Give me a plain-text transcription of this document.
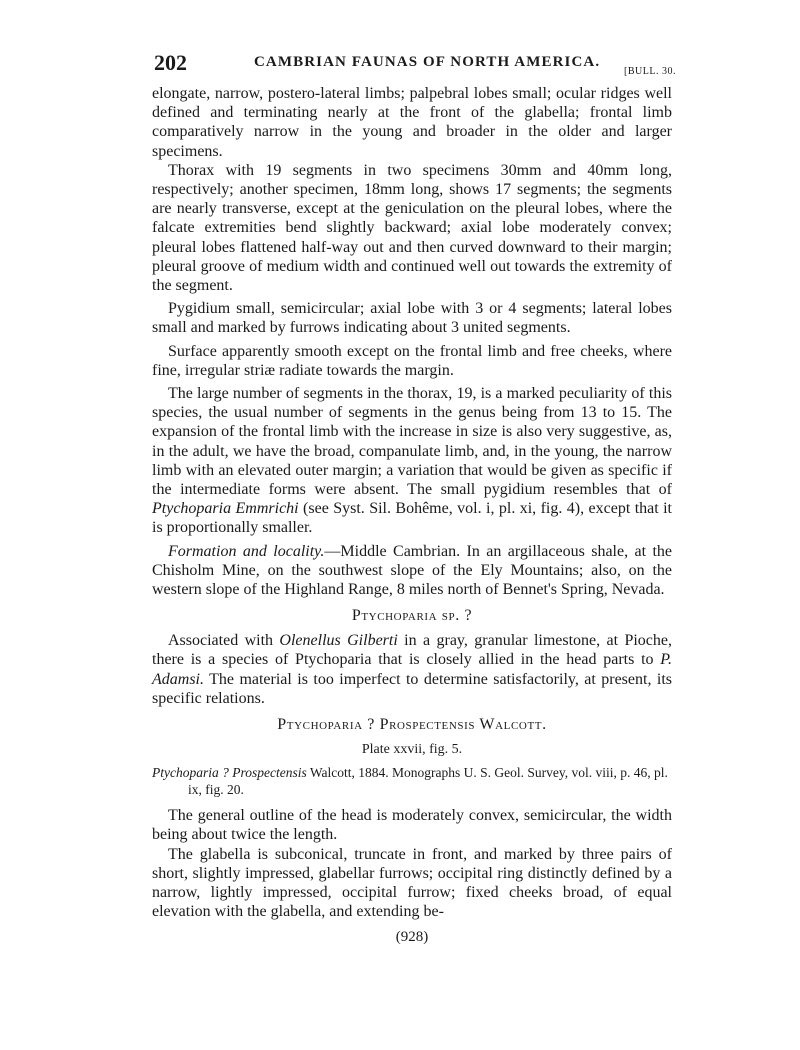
202	CAMBRIAN FAUNAS OF NORTH AMERICA.
[BULL. 30.

elongate, narrow, postero-lateral limbs; palpebral lobes small; ocular ridges well defined and terminating nearly at the front of the glabella; frontal limb comparatively narrow in the young and broader in the older and larger specimens.

Thorax with 19 segments in two specimens 30mm and 40mm long, respectively; another specimen, 18mm long, shows 17 segments; the segments are nearly transverse, except at the geniculation on the pleural lobes, where the falcate extremities bend slightly backward; axial lobe moderately convex; pleural lobes flattened half-way out and then curved downward to their margin; pleural groove of medium width and continued well out towards the extremity of the segment.

Pygidium small, semicircular; axial lobe with 3 or 4 segments; lateral lobes small and marked by furrows indicating about 3 united segments.

Surface apparently smooth except on the frontal limb and free cheeks, where fine, irregular striæ radiate towards the margin.

The large number of segments in the thorax, 19, is a marked peculiarity of this species, the usual number of segments in the genus being from 13 to 15. The expansion of the frontal limb with the increase in size is also very suggestive, as, in the adult, we have the broad, companulate limb, and, in the young, the narrow limb with an elevated outer margin; a variation that would be given as specific if the intermediate forms were absent. The small pygidium resembles that of Ptychoparia Emmrichi (see Syst. Sil. Bohême, vol. i, pl. xi, fig. 4), except that it is proportionally smaller.

Formation and locality.—Middle Cambrian. In an argillaceous shale, at the Chisholm Mine, on the southwest slope of the Ely Mountains; also, on the western slope of the Highland Range, 8 miles north of Bennet's Spring, Nevada.

Ptychoparia sp. ?

Associated with Olenellus Gilberti in a gray, granular limestone, at Pioche, there is a species of Ptychoparia that is closely allied in the head parts to P. Adamsi. The material is too imperfect to determine satisfactorily, at present, its specific relations.

Ptychoparia ? Prospectensis Walcott.
Plate xxvii, fig. 5.

Ptychoparia ? Prospectensis Walcott, 1884. Monographs U. S. Geol. Survey, vol. viii, p. 46, pl. ix, fig. 20.

The general outline of the head is moderately convex, semicircular, the width being about twice the length.

The glabella is subconical, truncate in front, and marked by three pairs of short, slightly impressed, glabellar furrows; occipital ring distinctly defined by a narrow, lightly impressed, occipital furrow; fixed cheeks broad, of equal elevation with the glabella, and extending be-

(928)
